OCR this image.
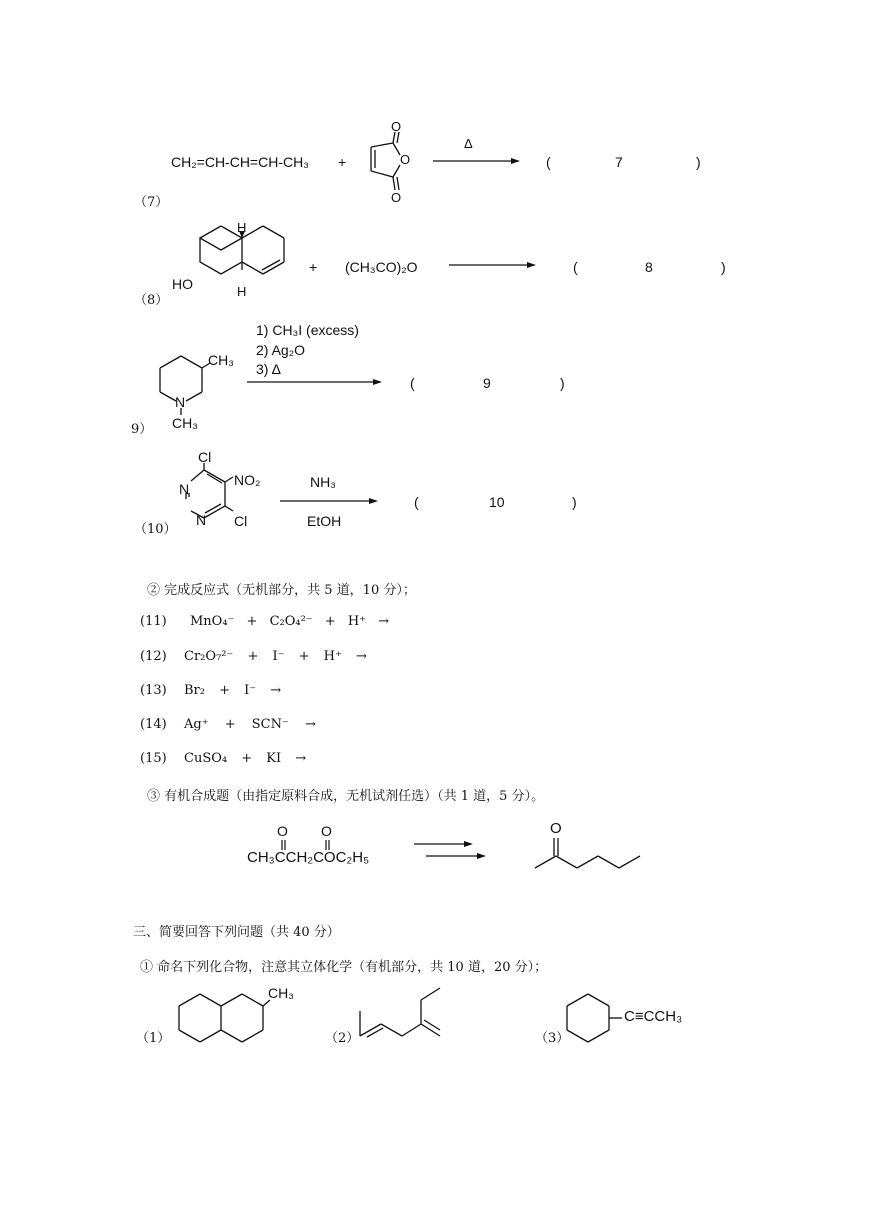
CH₂=CH-CH=CH-CH₃ +
O
O
O
Δ
(	7	)
（7）
H
H
HO
+ (CH₃CO)₂O	(	8	)
（8）
CH₃
N
CH₃
1) CH₃I (excess)
2) Ag₂O
3) Δ
(	9	)
9）
Cl
NO₂
N
N Cl
NH₃
EtOH
(	10	)
（10）
② 完成反应式（无机部分，共 5 道，10 分）；
(11) MnO₄⁻ + C₂O₄²⁻ + H⁺ →
(12) Cr₂O₇²⁻ + I⁻ + H⁺ →
(13) Br₂ + I⁻ →
(14) Ag⁺ + SCN⁻ →
(15) CuSO₄ + KI →
③ 有机合成题（由指定原料合成，无机试剂任选）（共 1 道，5 分）。
O O
CH₃CCH₂COC₂H₅
O
三、简要回答下列问题（共 40 分）
① 命名下列化合物，注意其立体化学（有机部分，共 10 道，20 分）；
CH₃
（1）	（2）
C≡CCH₃
（3）
